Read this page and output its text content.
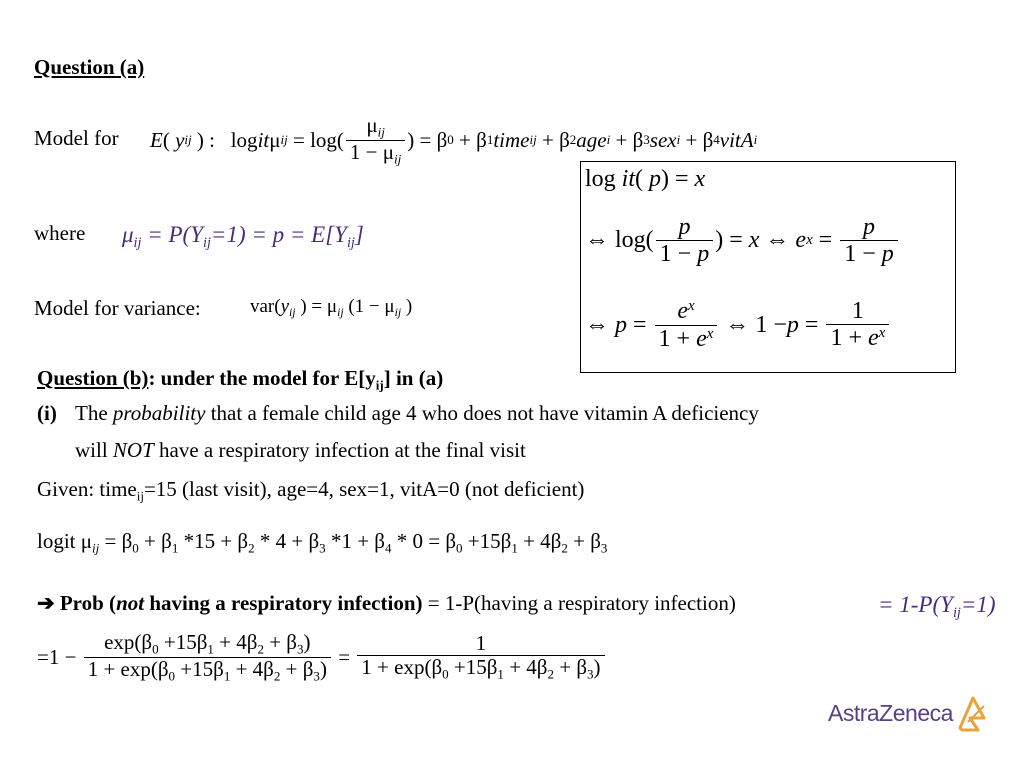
Question (a)
Model for E ( y ij ) :   log it μ ij = $\log( \frac{\mu_{ij}}{1 - \mu_{ij}}$ ) = β 0 + β 1 time ij + β 2 age i + β 3 sex i + β 4 vitA i
where $\mu_{ij} = P(Y_{ij}=1) = p = E[Y_{ij}]$
Model for variance:	$var(y_{ij}$ ) = $\mu_{ij}$ ($1 - \mu_{ij}$ )
log it( p) = x
⇔ $\log( \frac{p}{1 - p}$ ) = x ⇔ e $x = \frac{p}{1 - p}$
⇔ $p = \frac{e^x}{1 + e^x}$ ⇔ $1 - p = \frac{1}{1 + e^x}$
Question (b): under the model for $E[y_{ij}]$ in (a)
(i) The probability that a female child age 4 who does not have vitamin A deficiency
will NOT have a respiratory infection at the final visit
Given: time$_{ij}$=15 (last visit), age=4, sex=1, vitA=0 (not deficient)
logit $\mu_{ij} = \beta_0 + \beta_1$ $*15 + \beta_2 * 4 + \beta_3$ $*1 + \beta_4 * 0 = \beta_0 +15\beta_1 + 4\beta_2 + \beta_3$
➔ Prob (not having a respiratory infection) = 1-P(having a respiratory infection)	= $1-P(Y_{ij}=1)$
$=1 - \frac{\exp(\beta_0 +15\beta_1 + 4\beta_2 + \beta_3)}{1 + \exp(\beta_0 +15\beta_1 + 4\beta_2 + \beta_3)} = \frac{1}{1 + \exp(\beta_0 +15\beta_1 + 4\beta_2 + \beta_3)}$
AstraZeneca
